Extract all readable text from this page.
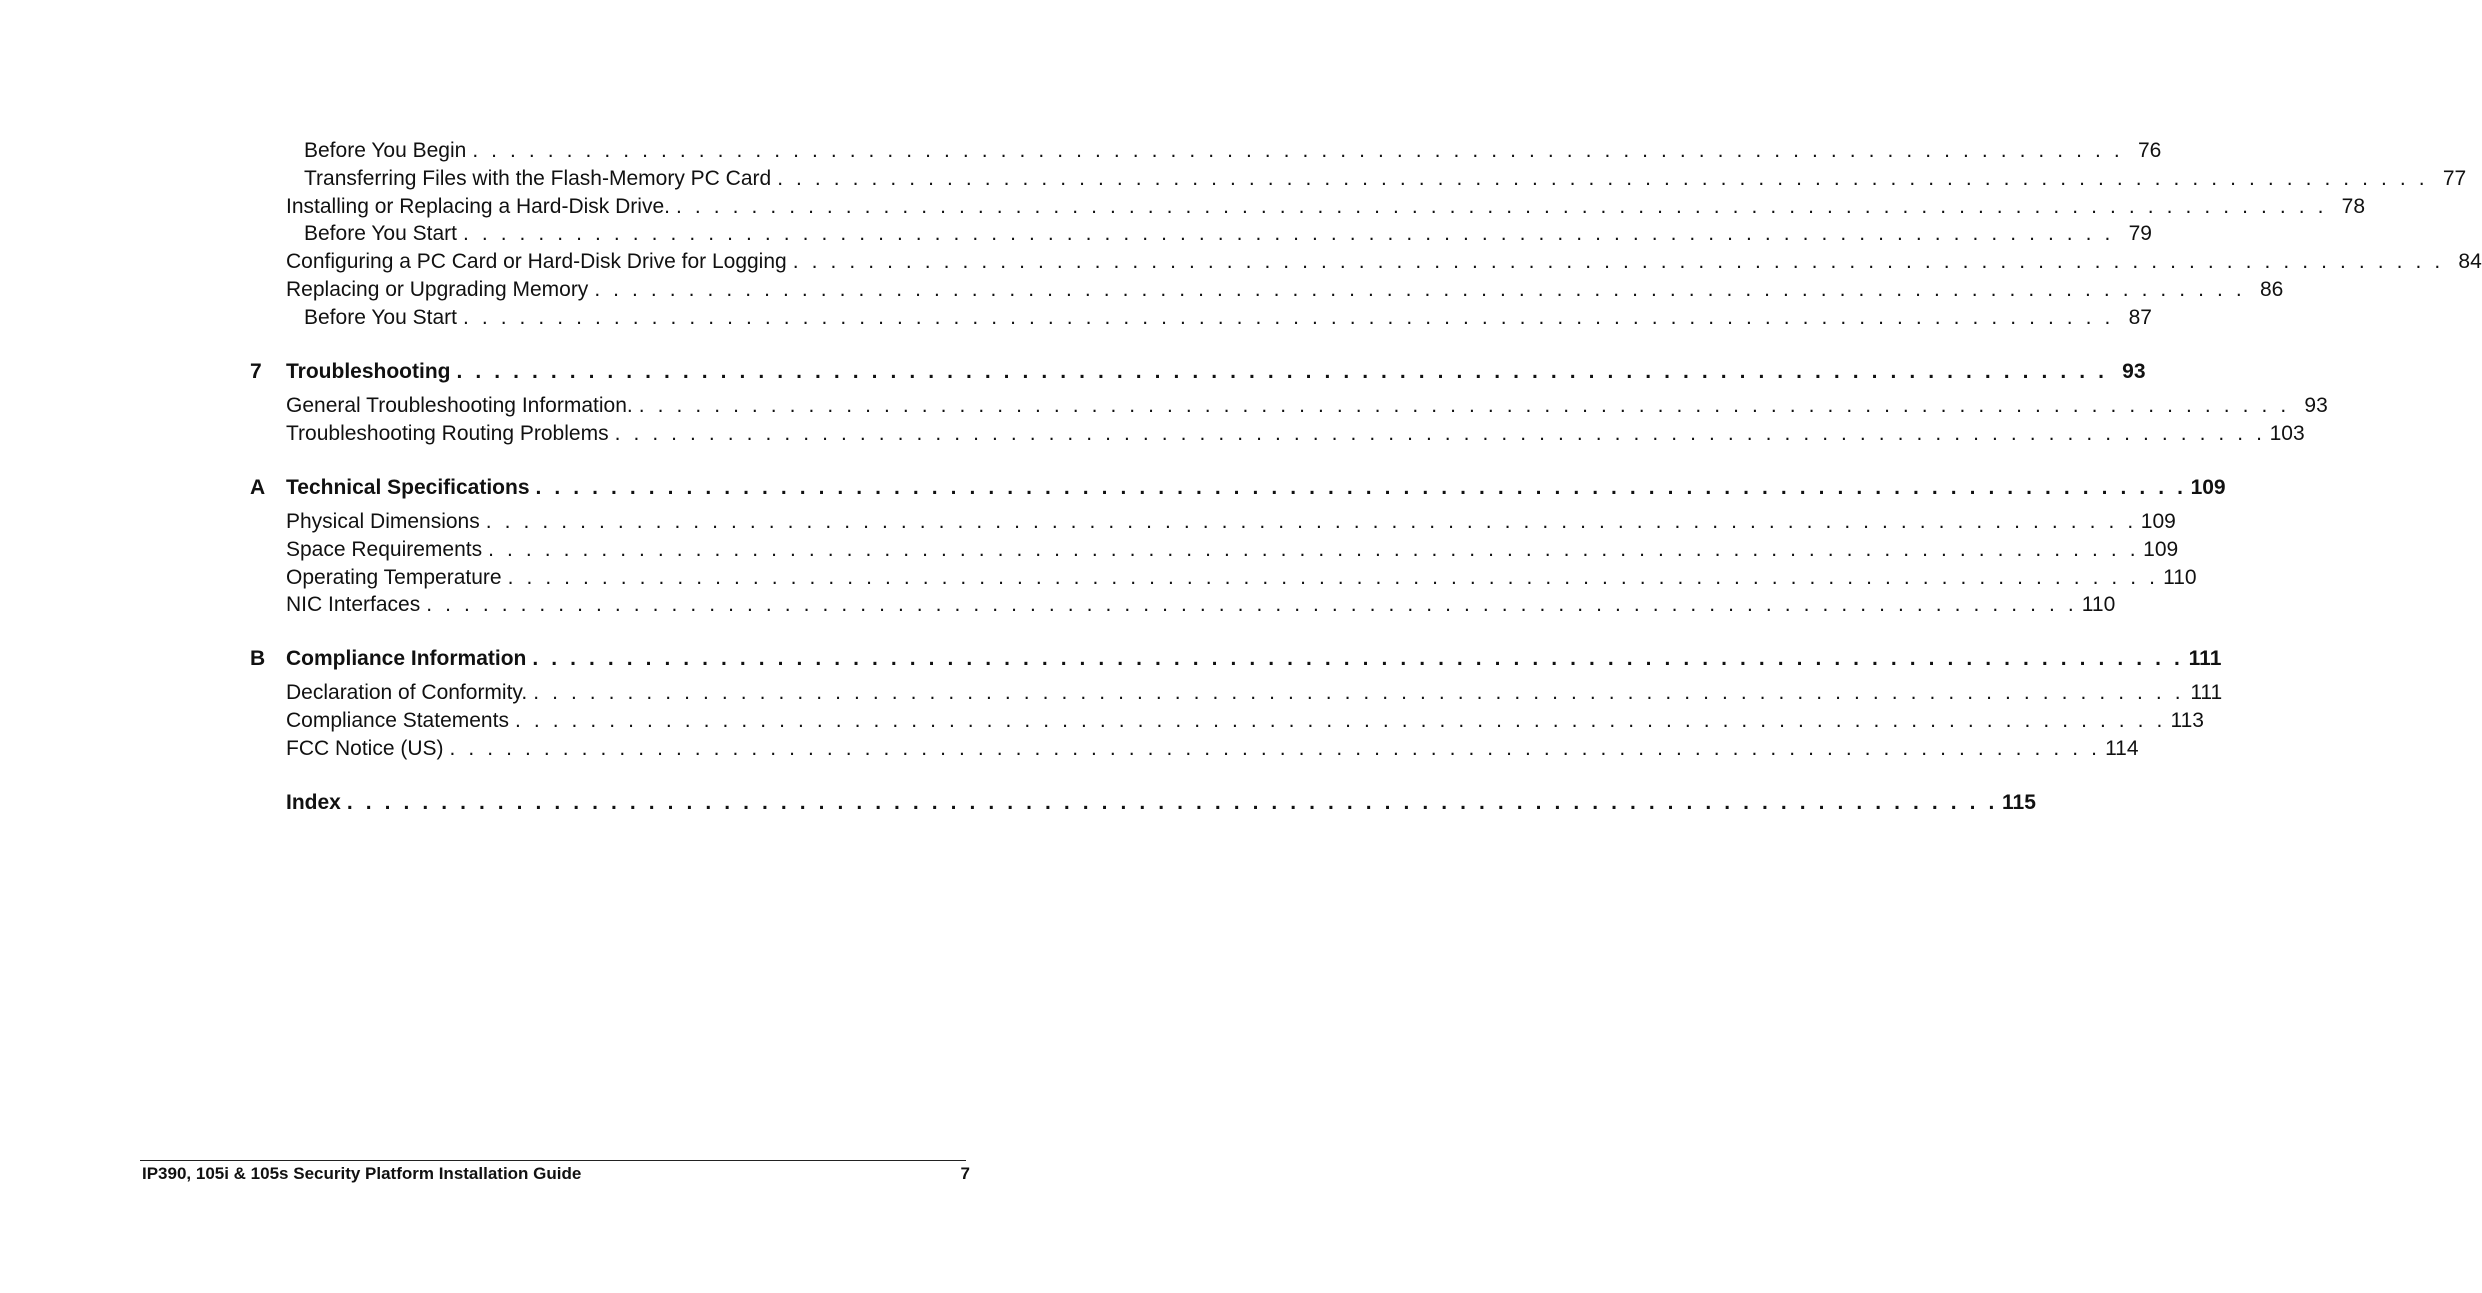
Before You Begin . . . . . . . . . . . . . . . . . . . . . . . . . . . . . . . . . . . . . . . . . . . . . . . . . . . . . . . . . . . . . . . . . . . . . . . . . . . . . . . . . . . . . . . . 76
Transferring Files with the Flash-Memory PC Card . . . . . . . . . . . . . . . . . . . . . . . . . . . . . . . . . . . . . . . . . . . . . . . . . . . . . . . . . . . . . . . . . . . . . . . . . . . . . . . . . . . . . . . . 77
Installing or Replacing a Hard-Disk Drive. . . . . . . . . . . . . . . . . . . . . . . . . . . . . . . . . . . . . . . . . . . . . . . . . . . . . . . . . . . . . . . . . . . . . . . . . . . . . . . . . . . . . . . . . 78
Before You Start . . . . . . . . . . . . . . . . . . . . . . . . . . . . . . . . . . . . . . . . . . . . . . . . . . . . . . . . . . . . . . . . . . . . . . . . . . . . . . . . . . . . . . . . 79
Configuring a PC Card or Hard-Disk Drive for Logging . . . . . . . . . . . . . . . . . . . . . . . . . . . . . . . . . . . . . . . . . . . . . . . . . . . . . . . . . . . . . . . . . . . . . . . . . . . . . . . . . . . . . . . . 84
Replacing or Upgrading Memory . . . . . . . . . . . . . . . . . . . . . . . . . . . . . . . . . . . . . . . . . . . . . . . . . . . . . . . . . . . . . . . . . . . . . . . . . . . . . . . . . . . . . . . . 86
Before You Start . . . . . . . . . . . . . . . . . . . . . . . . . . . . . . . . . . . . . . . . . . . . . . . . . . . . . . . . . . . . . . . . . . . . . . . . . . . . . . . . . . . . . . . . 87
7 Troubleshooting . . . . . . . . . . . . . . . . . . . . . . . . . . . . . . . . . . . . . . . . . . . . . . . . . . . . . . . . . . . . . . . . . . . . . . . . . . . . . . . . . . . . . . . . 93
General Troubleshooting Information. . . . . . . . . . . . . . . . . . . . . . . . . . . . . . . . . . . . . . . . . . . . . . . . . . . . . . . . . . . . . . . . . . . . . . . . . . . . . . . . . . . . . . . . . 93
Troubleshooting Routing Problems . . . . . . . . . . . . . . . . . . . . . . . . . . . . . . . . . . . . . . . . . . . . . . . . . . . . . . . . . . . . . . . . . . . . . . . . . . . . . . . . . . . . . . . . 103
A Technical Specifications . . . . . . . . . . . . . . . . . . . . . . . . . . . . . . . . . . . . . . . . . . . . . . . . . . . . . . . . . . . . . . . . . . . . . . . . . . . . . . . . . . . . . . . . 109
Physical Dimensions . . . . . . . . . . . . . . . . . . . . . . . . . . . . . . . . . . . . . . . . . . . . . . . . . . . . . . . . . . . . . . . . . . . . . . . . . . . . . . . . . . . . . . . . 109
Space Requirements . . . . . . . . . . . . . . . . . . . . . . . . . . . . . . . . . . . . . . . . . . . . . . . . . . . . . . . . . . . . . . . . . . . . . . . . . . . . . . . . . . . . . . . . 109
Operating Temperature . . . . . . . . . . . . . . . . . . . . . . . . . . . . . . . . . . . . . . . . . . . . . . . . . . . . . . . . . . . . . . . . . . . . . . . . . . . . . . . . . . . . . . . . 110
NIC Interfaces . . . . . . . . . . . . . . . . . . . . . . . . . . . . . . . . . . . . . . . . . . . . . . . . . . . . . . . . . . . . . . . . . . . . . . . . . . . . . . . . . . . . . . . . 110
B Compliance Information . . . . . . . . . . . . . . . . . . . . . . . . . . . . . . . . . . . . . . . . . . . . . . . . . . . . . . . . . . . . . . . . . . . . . . . . . . . . . . . . . . . . . . . . 111
Declaration of Conformity. . . . . . . . . . . . . . . . . . . . . . . . . . . . . . . . . . . . . . . . . . . . . . . . . . . . . . . . . . . . . . . . . . . . . . . . . . . . . . . . . . . . . . . . . 111
Compliance Statements . . . . . . . . . . . . . . . . . . . . . . . . . . . . . . . . . . . . . . . . . . . . . . . . . . . . . . . . . . . . . . . . . . . . . . . . . . . . . . . . . . . . . . . . 113
FCC Notice (US) . . . . . . . . . . . . . . . . . . . . . . . . . . . . . . . . . . . . . . . . . . . . . . . . . . . . . . . . . . . . . . . . . . . . . . . . . . . . . . . . . . . . . . . . 114
Index . . . . . . . . . . . . . . . . . . . . . . . . . . . . . . . . . . . . . . . . . . . . . . . . . . . . . . . . . . . . . . . . . . . . . . . . . . . . . . . . . . . . . . . . 115
IP390, 105i & 105s Security Platform Installation Guide	7
